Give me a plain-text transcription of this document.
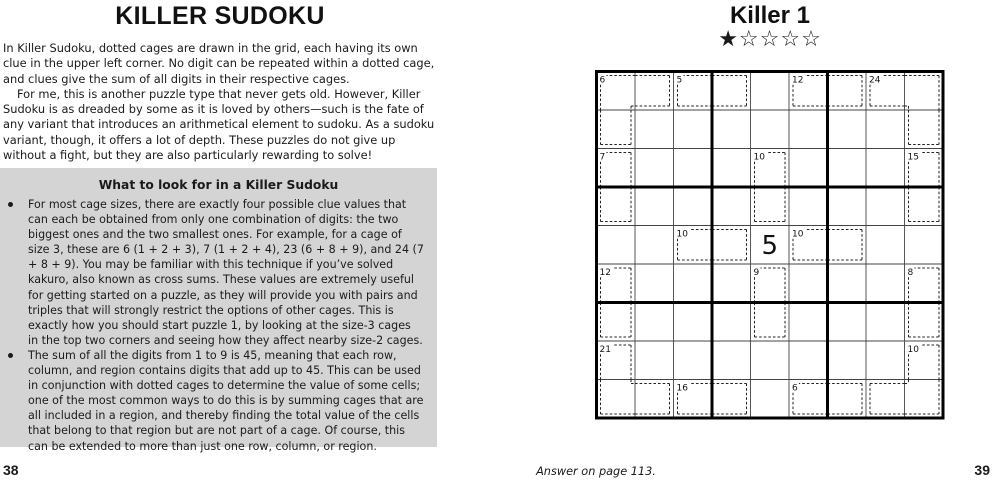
KILLER SUDOKU

In Killer Sudoku, dotted cages are drawn in the grid, each having its own clue in the upper left corner. No digit can be repeated within a dotted cage, and clues give the sum of all digits in their respective cages.

For me, this is another puzzle type that never gets old. However, Killer Sudoku is as dreaded by some as it is loved by others—such is the fate of any variant that introduces an arithmetical element to sudoku. As a sudoku variant, though, it offers a lot of depth. These puzzles do not give up without a fight, but they are also particularly rewarding to solve!

What to look for in a Killer Sudoku
For most cage sizes, there are exactly four possible clue values that can each be obtained from only one combination of digits: the two biggest ones and the two smallest ones. For example, for a cage of size 3, these are 6 (1 + 2 + 3), 7 (1 + 2 + 4), 23 (6 + 8 + 9), and 24 (7 + 8 + 9). You may be familiar with this technique if you’ve solved kakuro, also known as cross sums. These values are extremely useful for getting started on a puzzle, as they will provide you with pairs and triples that will strongly restrict the options of other cages. This is exactly how you should start puzzle 1, by looking at the size-3 cages in the top two corners and seeing how they affect nearby size-2 cages.
The sum of all the digits from 1 to 9 is 45, meaning that each row, column, and region contains digits that add up to 45. This can be used in conjunction with dotted cages to determine the value of some cells; one of the most common ways to do this is by summing cages that are all included in a region, and thereby finding the total value of the cells that belong to that region but are not part of a cage. Of course, this can be extended to more than just one row, column, or region.
38
Killer 1
★☆☆☆☆
6	5	12	24
7	10	15
10	10
12	9	8
21	10
16	6
5
Answer on page 113.	39
